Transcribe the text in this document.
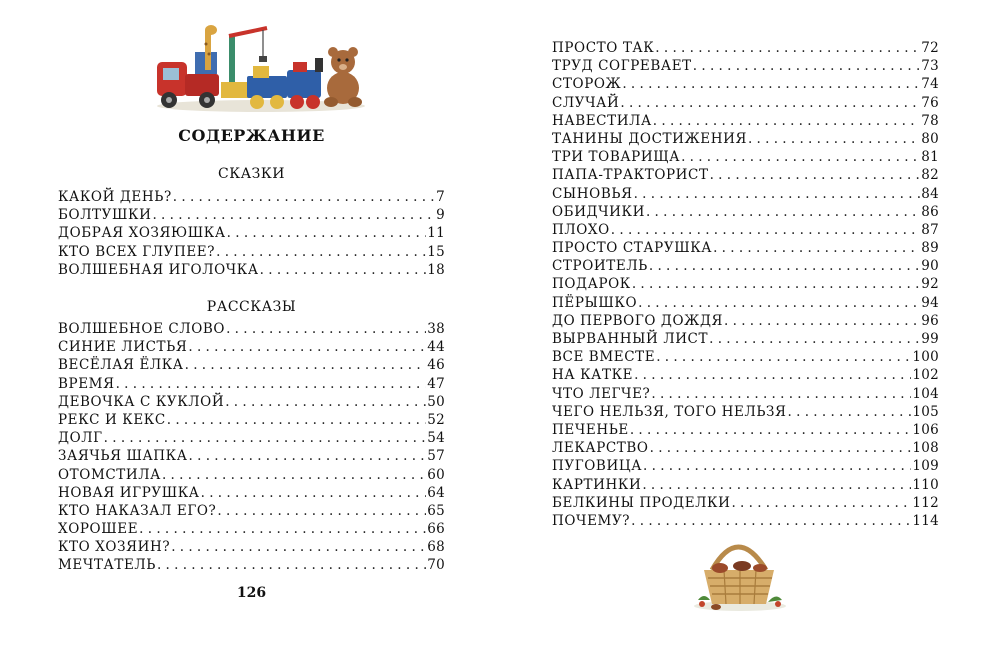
СОДЕРЖАНИЕ
СКАЗКИ
КАКОЙ ДЕНЬ? . . .	7
БОЛТУШКИ . . .	9
ДОБРАЯ ХОЗЯЮШКА . . .	11
КТО ВСЕХ ГЛУПЕЕ? . . .	15
ВОЛШЕБНАЯ ИГОЛОЧКА . . .	18
РАССКАЗЫ
ВОЛШЕБНОЕ СЛОВО . . .	38
СИНИЕ ЛИСТЬЯ . . .	44
ВЕСЁЛАЯ ЁЛКА . . .	46
ВРЕМЯ . . .	47
ДЕВОЧКА С КУКЛОЙ . . .	50
РЕКС И КЕКС . . .	52
ДОЛГ . . .	54
ЗАЯЧЬЯ ШАПКА . . .	57
ОТОМСТИЛА . . .	60
НОВАЯ ИГРУШКА . . .	64
КТО НАКАЗАЛ ЕГО? . . .	65
ХОРОШЕЕ . . .	66
КТО ХОЗЯИН? . . .	68
МЕЧТАТЕЛЬ . . .	70
126
ПРОСТО ТАК . . .	72
ТРУД СОГРЕВАЕТ . . .	73
СТОРОЖ . . .	74
СЛУЧАЙ . . .	76
НАВЕСТИЛА . . .	78
ТАНИНЫ ДОСТИЖЕНИЯ . . .	80
ТРИ ТОВАРИЩА . . .	81
ПАПА-ТРАКТОРИСТ . . .	82
СЫНОВЬЯ . . .	84
ОБИДЧИКИ . . .	86
ПЛОХО . . .	87
ПРОСТО СТАРУШКА . . .	89
СТРОИТЕЛЬ . . .	90
ПОДАРОК . . .	92
ПЁРЫШКО . . .	94
ДО ПЕРВОГО ДОЖДЯ . . .	96
ВЫРВАННЫЙ ЛИСТ . . .	99
ВСЕ ВМЕСТЕ . . .	100
НА КАТКЕ . . .	102
ЧТО ЛЕГЧЕ? . . .	104
ЧЕГО НЕЛЬЗЯ, ТОГО НЕЛЬЗЯ . . .	105
ПЕЧЕНЬЕ . . .	106
ЛЕКАРСТВО . . .	108
ПУГОВИЦА . . .	109
КАРТИНКИ . . .	110
БЕЛКИНЫ ПРОДЕЛКИ . . .	112
ПОЧЕМУ? . . .	114
